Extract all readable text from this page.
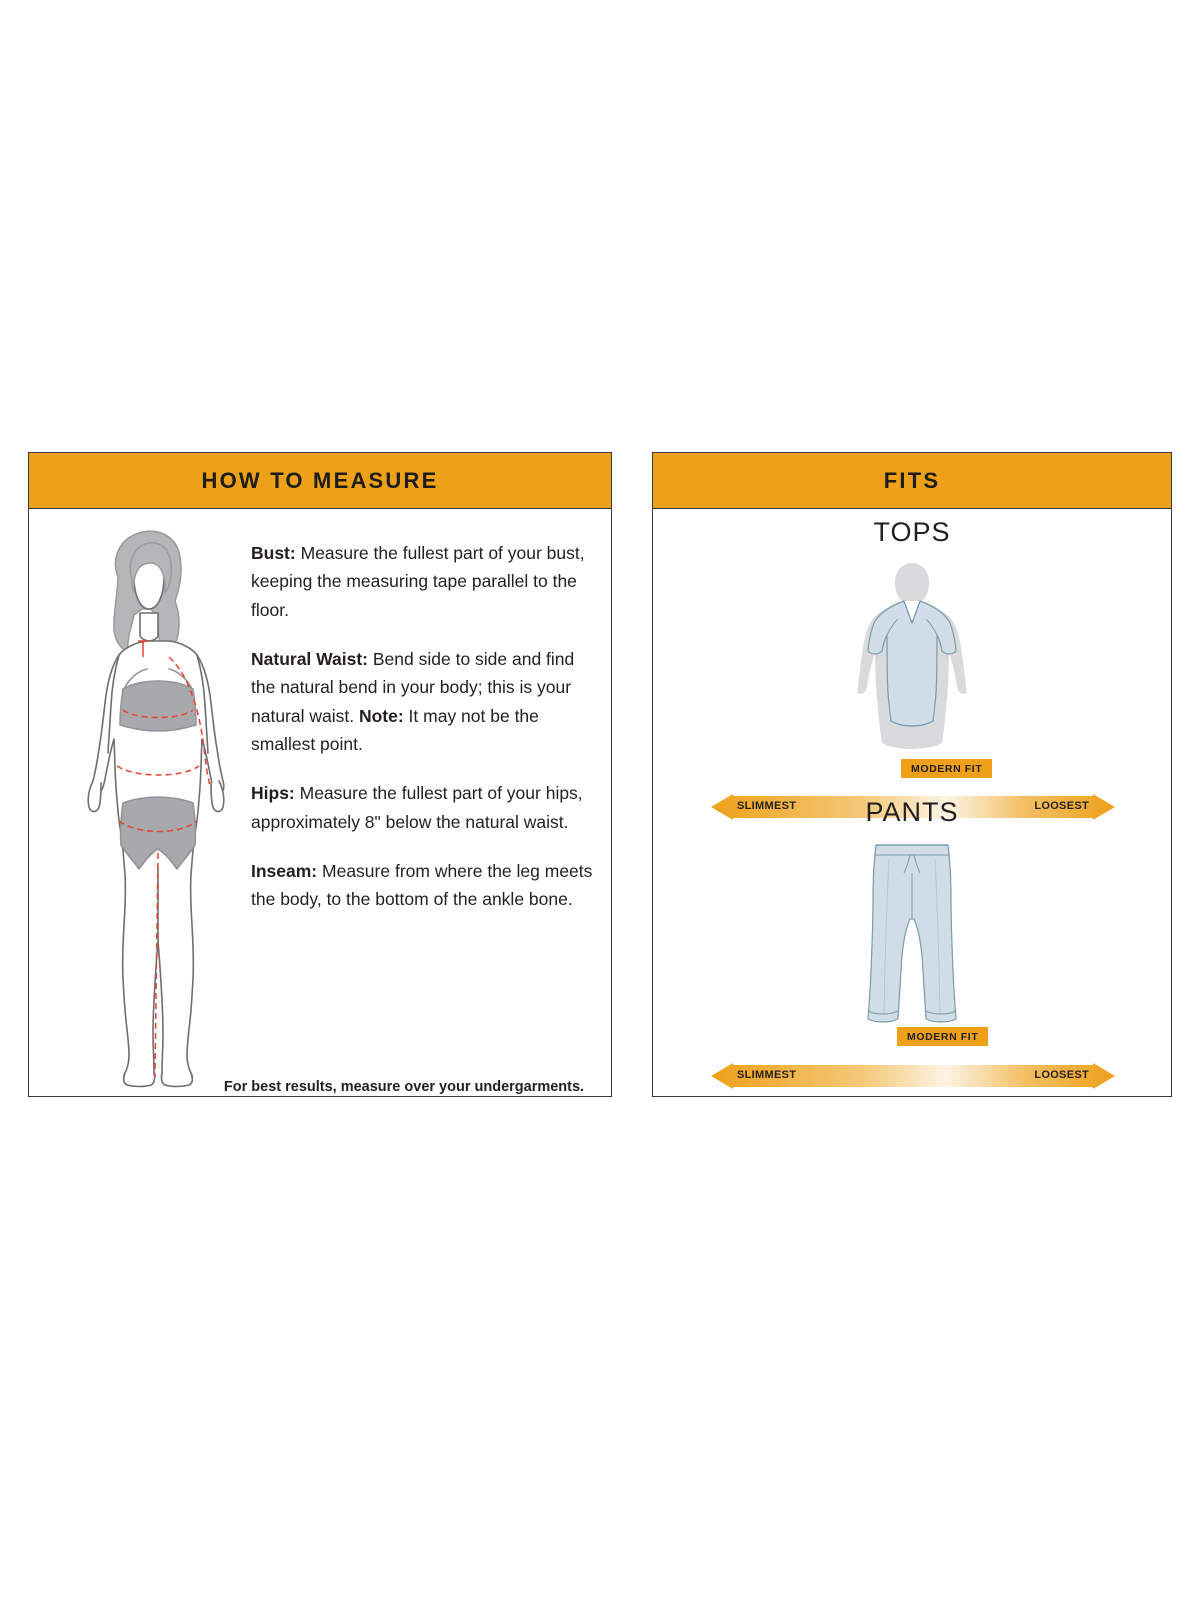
HOW TO MEASURE

Bust: Measure the fullest part of your bust, keeping the measuring tape parallel to the floor.

Natural Waist: Bend side to side and find the natural bend in your body; this is your natural waist. Note: It may not be the smallest point.

Hips: Measure the fullest part of your hips, approximately 8" below the natural waist.

Inseam: Measure from where the leg meets the body, to the bottom of the ankle bone.

For best results, measure over your undergarments.
FITS
TOPS
MODERN FIT
SLIMMEST	LOOSEST
PANTS
MODERN FIT
SLIMMEST	LOOSEST
